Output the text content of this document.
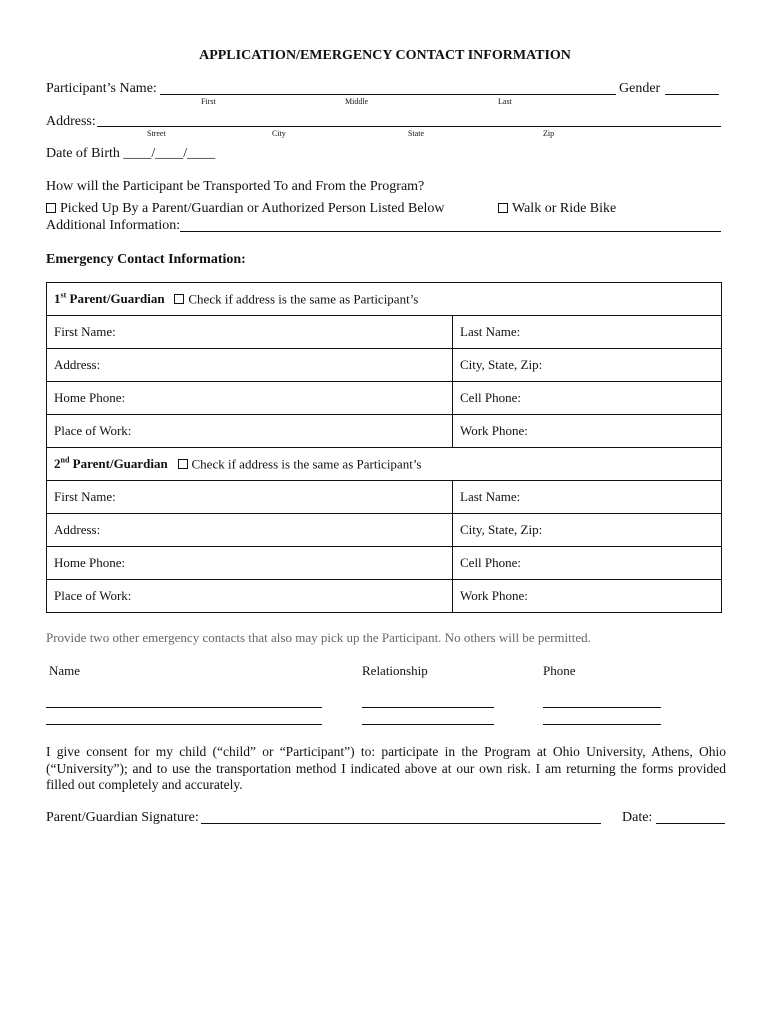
APPLICATION/EMERGENCY CONTACT INFORMATION
Participant’s Name:	Gender
First	Middle	Last
Address:
Street	City	State	Zip
Date of Birth ____/____/____
How will the Participant be Transported To and From the Program?
Picked Up By a Parent/Guardian or Authorized Person Listed Below	Walk or Ride Bike
Additional Information:
Emergency Contact Information:
1st Parent/Guardian Check if address is the same as Participant’s	
First Name:	Last Name:
Address:	City, State, Zip:
Home Phone:	Cell Phone:
Place of Work:	Work Phone:
2nd Parent/Guardian Check if address is the same as Participant’s	
First Name:	Last Name:
Address:	City, State, Zip:
Home Phone:	Cell Phone:
Place of Work:	Work Phone:
Provide two other emergency contacts that also may pick up the Participant. No others will be permitted.
Name	Relationship	Phone
I give consent for my child (“child” or “Participant”) to: participate in the Program at Ohio University, Athens, Ohio (“University”); and to use the transportation method I indicated above at our own risk. I am returning the forms provided filled out completely and accurately.
Parent/Guardian Signature:	Date:
